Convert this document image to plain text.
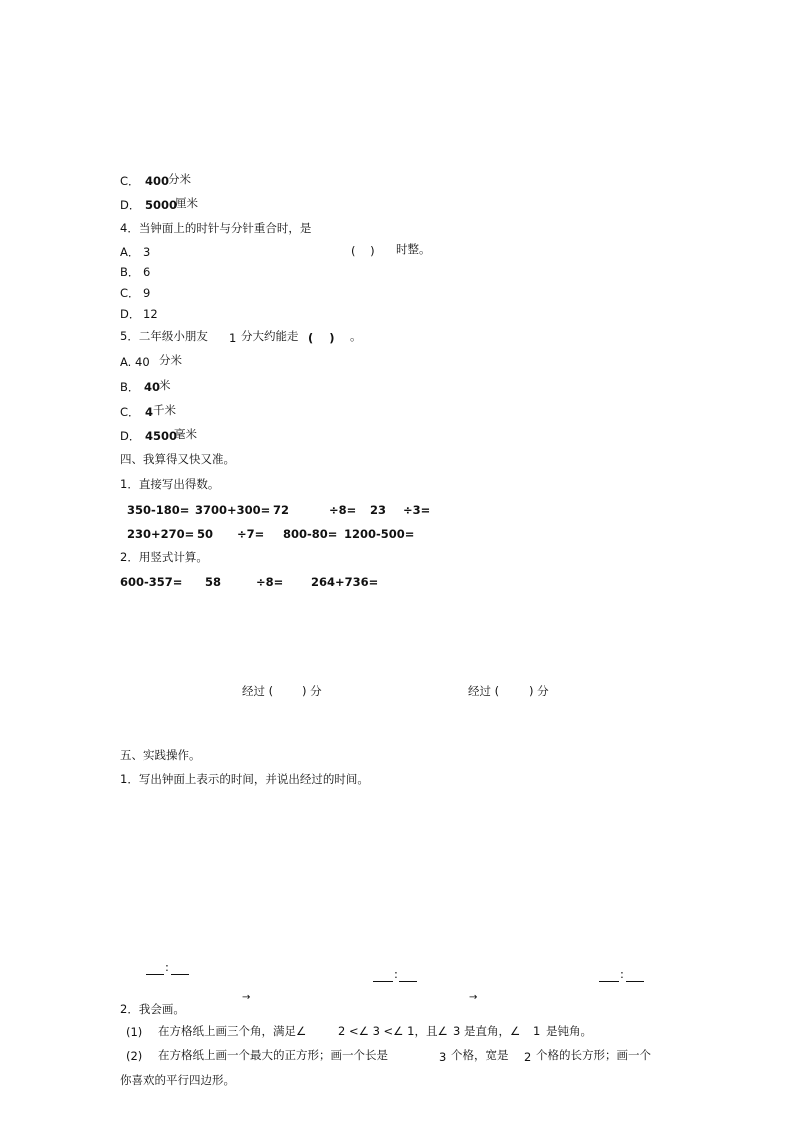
C． 400
分米
D． 5000
厘米
4．当钟面上的时针与分针重合时，是
A． 3	(    ) 时整。
B． 6
C． 9
D． 12
5．二年级小朋友 1 分大约能走 (    ) 。
A. 40 分米
B． 40
米
C． 4 千米
D． 4500
毫米
四、我算得又快又准。
1．直接写出得数。
350-180= 3700+300= 72	÷8= 23 ÷3=
230+270= 50 ÷7= 800-80= 1200-500=
2．用竖式计算。
600-357= 58	÷8= 264+736=
经过 (	) 分	经过 (	) 分
五、实践操作。
1．写出钟面上表示的时间，并说出经过的时间。
:	:	:
→	→
2．我会画。
(1) 在方格纸上画三个角，满足∠	2 <∠ 3 <∠ 1，且∠ 3 是直角，∠ 1 是钝角。
(2) 在方格纸上画一个最大的正方形；画一个长是	3 个格，宽是 2 个格的长方形；画一个
你喜欢的平行四边形。
